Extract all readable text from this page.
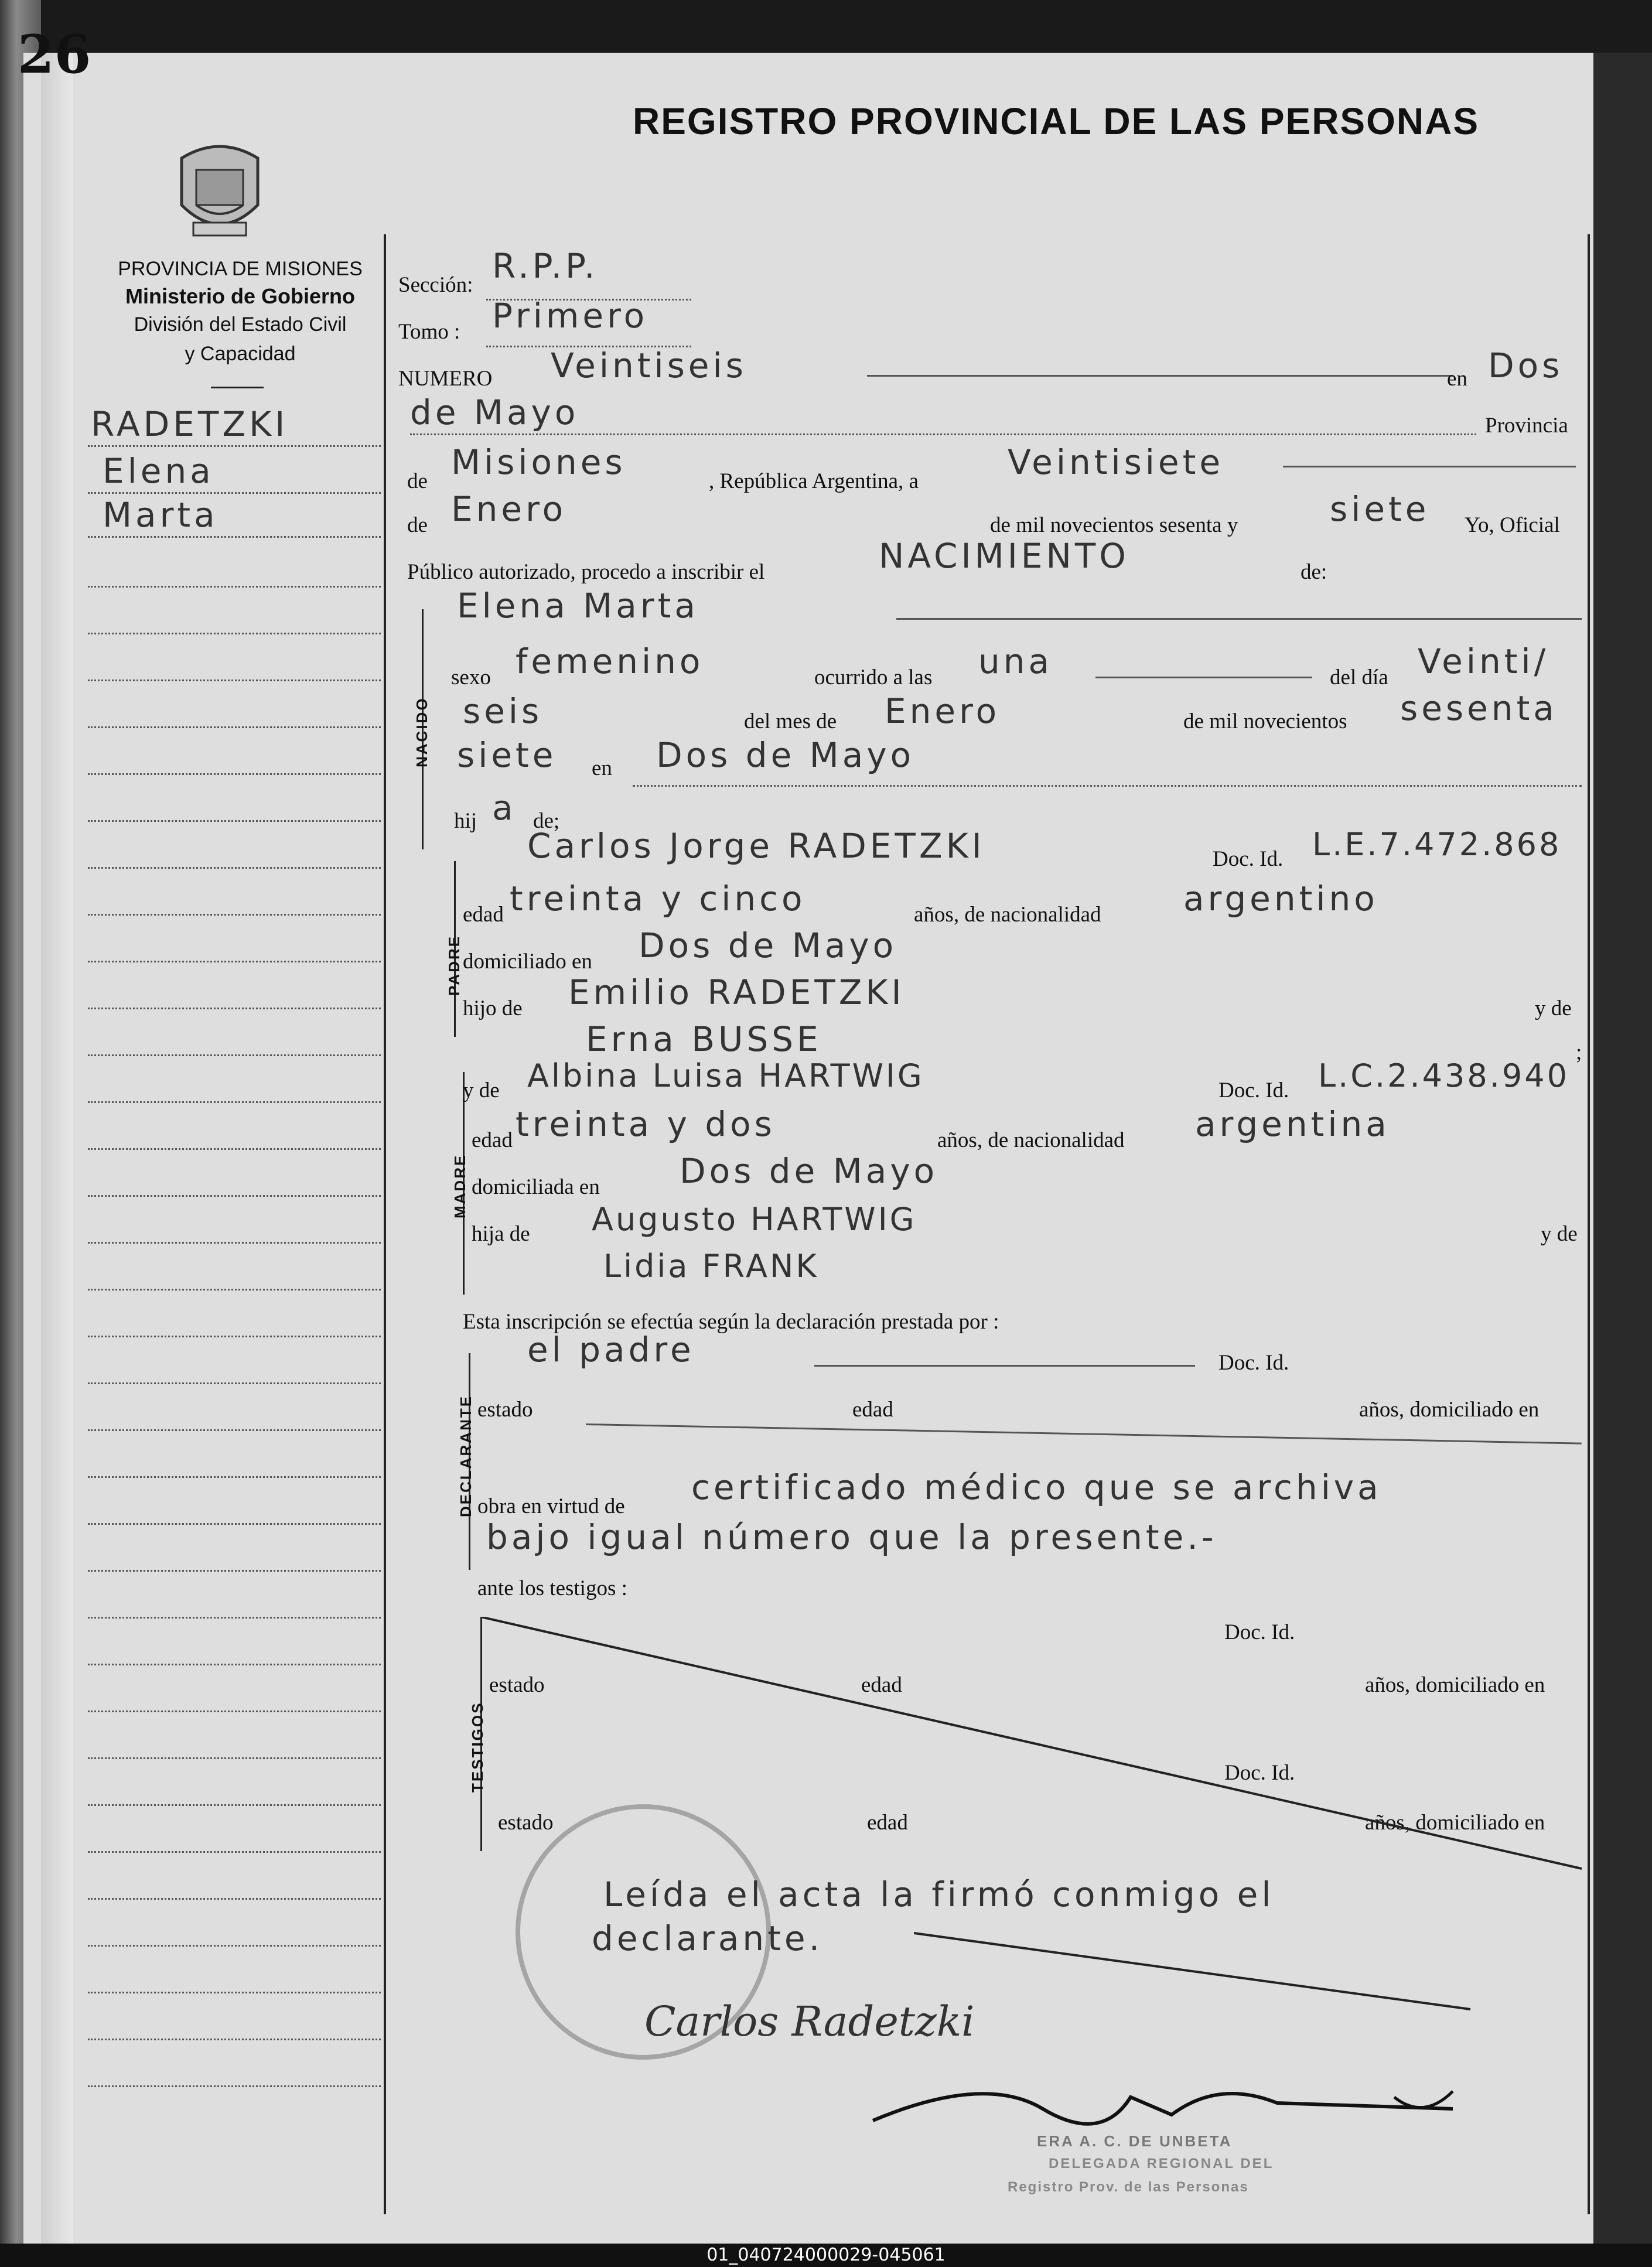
26
REGISTRO PROVINCIAL DE LAS PERSONAS
PROVINCIA DE MISIONES
Ministerio de Gobierno
División del Estado Civil
y Capacidad
RADETZKI
Elena
Marta
Sección: R.P.P.
Tomo : Primero
NUMERO Veintiseis	en Dos
de Mayo	Provincia
de Misiones	, República Argentina, a	Veintisiete
de Enero	de mil novecientos sesenta y	siete Yo, Oficial
Público autorizado, procedo a inscribir el	NACIMIENTO	de:
NACIDO
Elena Marta
sexo femenino	ocurrido a las una	del día Veinti/
seis	del mes de Enero	de mil novecientos sesenta
siete en Dos de Mayo
hij a de;
PADRE
Carlos Jorge RADETZKI	Doc. Id. L.E.7.472.868
edad treinta y cinco	años, de nacionalidad argentino
domiciliado en Dos de Mayo
hijo de Emilio RADETZKI	y de
Erna BUSSE	;
MADRE
y de Albina Luisa HARTWIG	Doc. Id. L.C.2.438.940
edad treinta y dos	años, de nacionalidad argentina
domiciliada en Dos de Mayo
hija de Augusto HARTWIG	y de
Lidia FRANK
Esta inscripción se efectúa según la declaración prestada por :
DECLARANTE
el padre	Doc. Id.
estado	edad	años, domiciliado en
obra en virtud de certificado médico que se archiva
bajo igual número que la presente.-
ante los testigos :
TESTIGOS
Doc. Id.
estado	edad	años, domiciliado en
Doc. Id.
estado	edad	años, domiciliado en
Leída el acta la firmó conmigo el
declarante.
Carlos Radetzki
ERA A. C. DE UNBETA
DELEGADA REGIONAL DEL
Registro Prov. de las Personas
01_040724000029-045061
